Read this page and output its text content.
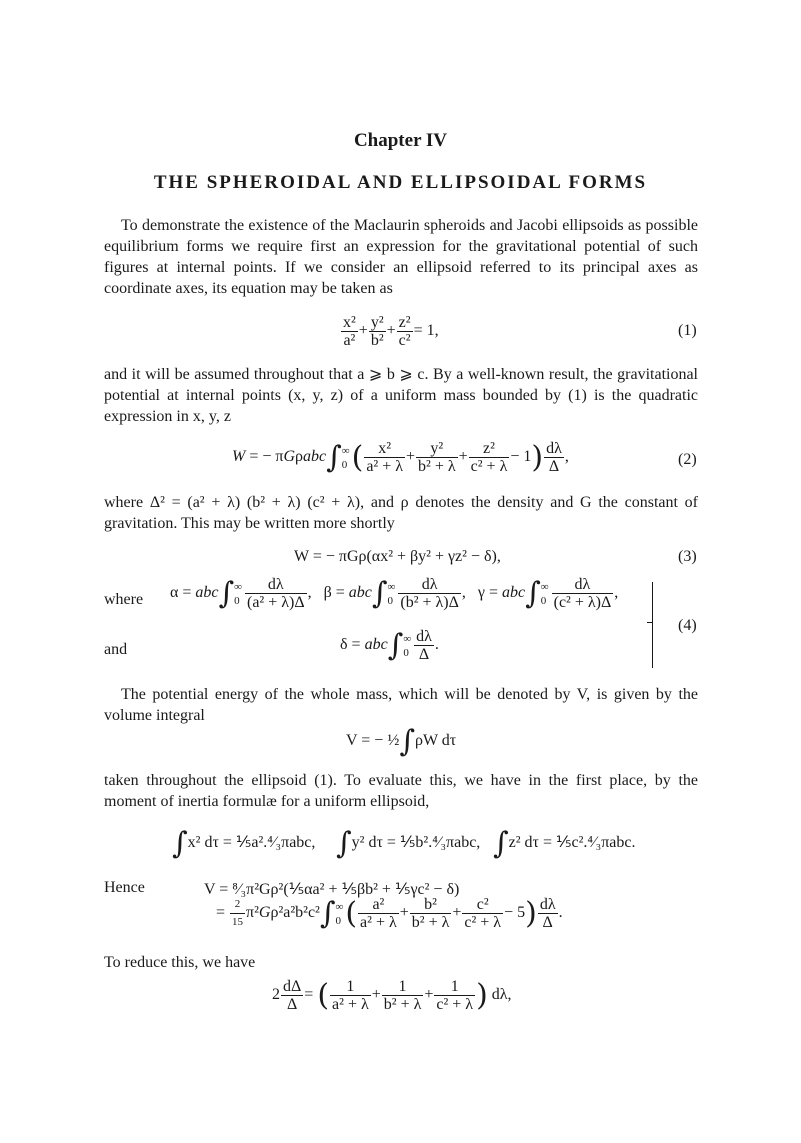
Chapter IV
THE SPHEROIDAL AND ELLIPSOIDAL FORMS
To demonstrate the existence of the Maclaurin spheroids and Jacobi ellipsoids as possible equilibrium forms we require first an expression for the gravitational potential of such figures at internal points. If we consider an ellipsoid referred to its principal axes as coordinate axes, its equation may be taken as
$\frac{\text{x²}}{\text{a²}} + \frac{\text{y²}}{\text{b²}} + \frac{\text{z²}}{\text{c²}} = 1$,	(1)
and it will be assumed throughout that a ⩾ b ⩾ c. By a well-known result, the gravitational potential at internal points (x, y, z) of a uniform mass bounded by (1) is the quadratic expression in x, y, z
W = − πGρabc∫ ∞
0 ( $\frac{\text{x²}}{\text{a² + λ}} + \frac{\text{y²}}{\text{b² + λ}} + \frac{\text{z²}}{\text{c² + λ}} - 1) \frac{d\lambda}{\Delta}$ ,	(2)
where Δ² = (a² + λ) (b² + λ) (c² + λ), and ρ denotes the density and G the constant of gravitation. This may be written more shortly
W = − πGρ(αx² + βy² + γz² − δ),	(3)
where α = abc∫ ∞
$0 \frac{d\lambda}{\text{(a² + λ)Δ}}$ ,   β = abc∫ ∞
$0 \frac{d\lambda}{\text{(b² + λ)Δ}}$ ,   γ = abc∫ ∞
$0 \frac{d\lambda}{\text{(c² + λ)Δ}}$ ,
and	δ = abc∫ ∞
$0 \frac{d\lambda}{\Delta}$ .
(4)
The potential energy of the whole mass, which will be denoted by V, is given by the volume integral
V = − ½∫ρW dτ
taken throughout the ellipsoid (1). To evaluate this, we have in the first place, by the moment of inertia formulæ for a uniform ellipsoid,
∫x² dτ = ⅕a².⁴⁄₃πabc, ∫y² dτ = ⅕b².⁴⁄₃πabc, ∫z² dτ = ⅕c².⁴⁄₃πabc.
Hence	V = ⁸⁄₃π²Gρ²(⅕αa² + ⅕βb² + ⅕γc² − δ)
= $\frac{2}{15} \pi^2G\rho^2a^2b^2c^2\int$ ∞
0 ( $\frac{\text{a²}}{\text{a² + λ}} + \frac{\text{b²}}{\text{b² + λ}} + \frac{\text{c²}}{\text{c² + λ}} - 5) \frac{d\lambda}{\Delta}$ .
To reduce this, we have
$2 \frac{d\Delta}{\Delta}$ = ( $\frac{1}{\text{a² + λ}} + \frac{1}{\text{b² + λ}} + \frac{1}{\text{c² + λ}}$ ) dλ,
